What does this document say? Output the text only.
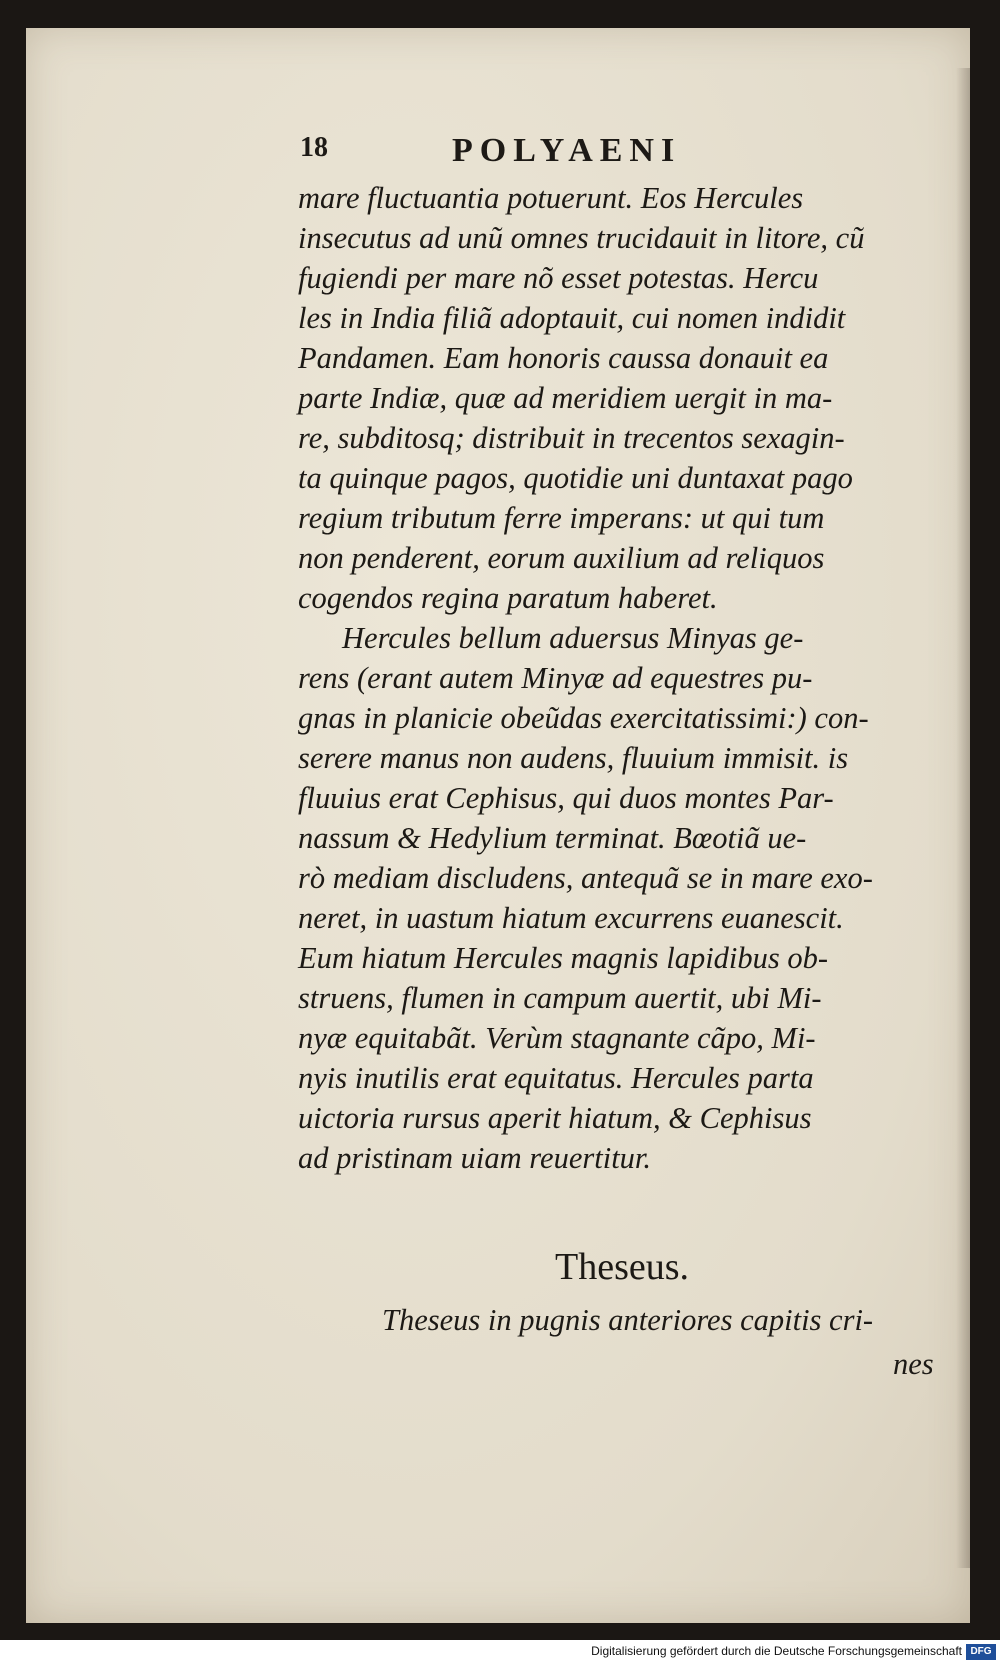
18	POLYAENI
mare fluctuantia potuerunt. Eos Hercules
insecutus ad unũ omnes trucidauit in litore, cũ
fugiendi per mare nõ esset potestas. Hercu
les in India filiã adoptauit, cui nomen indidit
Pandamen. Eam honoris caussa donauit ea
parte Indiæ, quæ ad meridiem uergit in ma-
re, subditosq; distribuit in trecentos sexagin-
ta quinque pagos, quotidie uni duntaxat pago
regium tributum ferre imperans: ut qui tum
non penderent, eorum auxilium ad reliquos
cogendos regina paratum haberet.
Hercules bellum aduersus Minyas ge-
rens (erant autem Minyæ ad equestres pu-
gnas in planicie obeũdas exercitatissimi:) con-
serere manus non audens, fluuium immisit. is
fluuius erat Cephisus, qui duos montes Par-
nassum & Hedylium terminat. Bœotiã ue-
rò mediam discludens, antequã se in mare exo-
neret, in uastum hiatum excurrens euanescit.
Eum hiatum Hercules magnis lapidibus ob-
struens, flumen in campum auertit, ubi Mi-
nyæ equitabãt. Verùm stagnante cãpo, Mi-
nyis inutilis erat equitatus. Hercules parta
uictoria rursus aperit hiatum, & Cephisus
ad pristinam uiam reuertitur.
Theseus.
Theseus in pugnis anteriores capitis cri-
nes
Digitalisierung gefördert durch die Deutsche Forschungsgemeinschaft DFG
